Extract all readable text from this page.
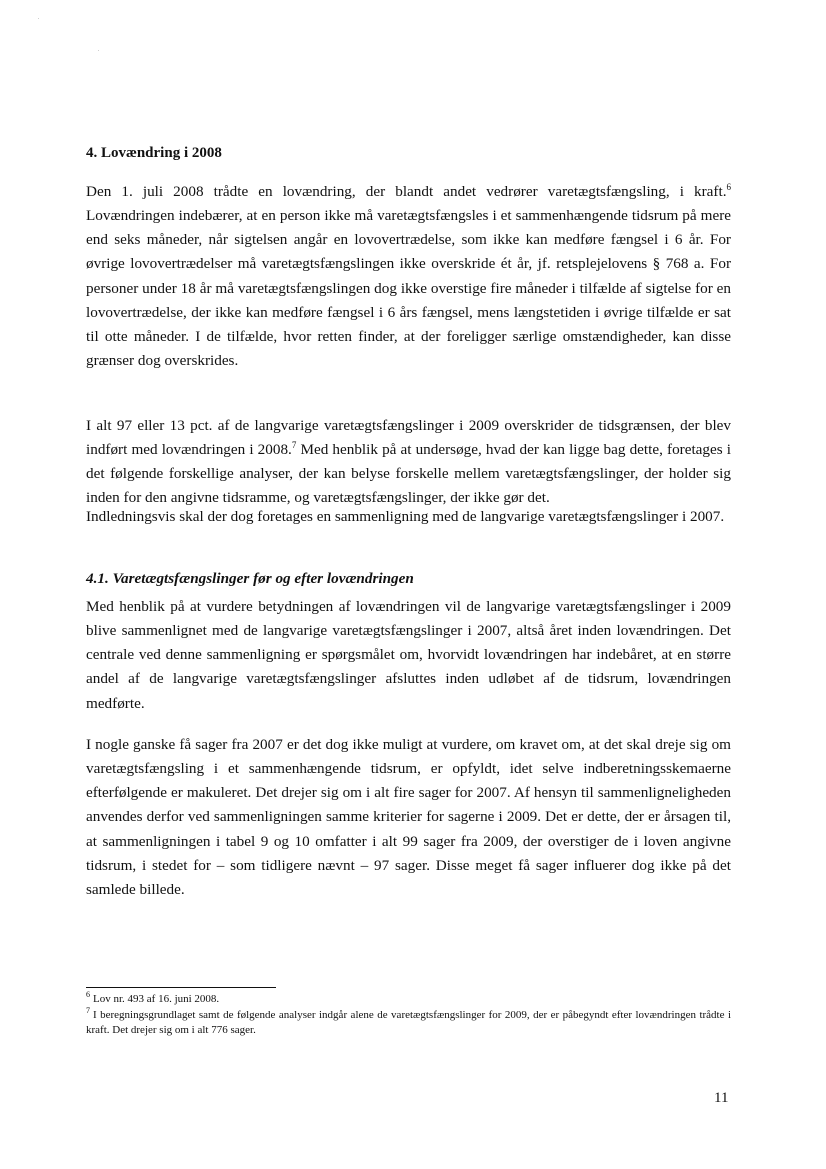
4. Lovændring i 2008

Den 1. juli 2008 trådte en lovændring, der blandt andet vedrører varetægtsfængsling, i kraft.$^6$ Lovændringen indebærer, at en person ikke må varetægtsfængsles i et sammenhængende tidsrum på mere end seks måneder, når sigtelsen angår en lovovertrædelse, som ikke kan medføre fængsel i 6 år. For øvrige lovovertrædelser må varetægtsfængslingen ikke overskride ét år, jf. retsplejelovens § 768 a. For personer under 18 år må varetægtsfængslingen dog ikke overstige fire måneder i tilfælde af sigtelse for en lovovertrædelse, der ikke kan medføre fængsel i 6 års fængsel, mens længstetiden i øvrige tilfælde er sat til otte måneder. I de tilfælde, hvor retten finder, at der foreligger særlige omstændigheder, kan disse grænser dog overskrides.

I alt 97 eller 13 pct. af de langvarige varetægtsfængslinger i 2009 overskrider de tidsgrænsen, der blev indført med lovændringen i 2008.$^7$ Med henblik på at undersøge, hvad der kan ligge bag dette, foretages i det følgende forskellige analyser, der kan belyse forskelle mellem varetægtsfængslinger, der holder sig inden for den angivne tidsramme, og varetægtsfængslinger, der ikke gør det.

Indledningsvis skal der dog foretages en sammenligning med de langvarige varetægtsfængslinger i 2007.

4.1. Varetægtsfængslinger før og efter lovændringen

Med henblik på at vurdere betydningen af lovændringen vil de langvarige varetægtsfængslinger i 2009 blive sammenlignet med de langvarige varetægtsfængslinger i 2007, altså året inden lovændringen. Det centrale ved denne sammenligning er spørgsmålet om, hvorvidt lovændringen har indebåret, at en større andel af de langvarige varetægtsfængslinger afsluttes inden udløbet af de tidsrum, lovændringen medførte.

I nogle ganske få sager fra 2007 er det dog ikke muligt at vurdere, om kravet om, at det skal dreje sig om varetægtsfængsling i et sammenhængende tidsrum, er opfyldt, idet selve indberetningsskemaerne efterfølgende er makuleret. Det drejer sig om i alt fire sager for 2007. Af hensyn til sammenligneligheden anvendes derfor ved sammenligningen samme kriterier for sagerne i 2009. Det er dette, der er årsagen til, at sammenligningen i tabel 9 og 10 omfatter i alt 99 sager fra 2009, der overstiger de i loven angivne tidsrum, i stedet for – som tidligere nævnt – 97 sager. Disse meget få sager influerer dog ikke på det samlede billede.

$^6$ Lov nr. 493 af 16. juni 2008.

$^7$ I beregningsgrundlaget samt de følgende analyser indgår alene de varetægtsfængslinger for 2009, der er påbegyndt efter lovændringen trådte i kraft. Det drejer sig om i alt 776 sager.

11
